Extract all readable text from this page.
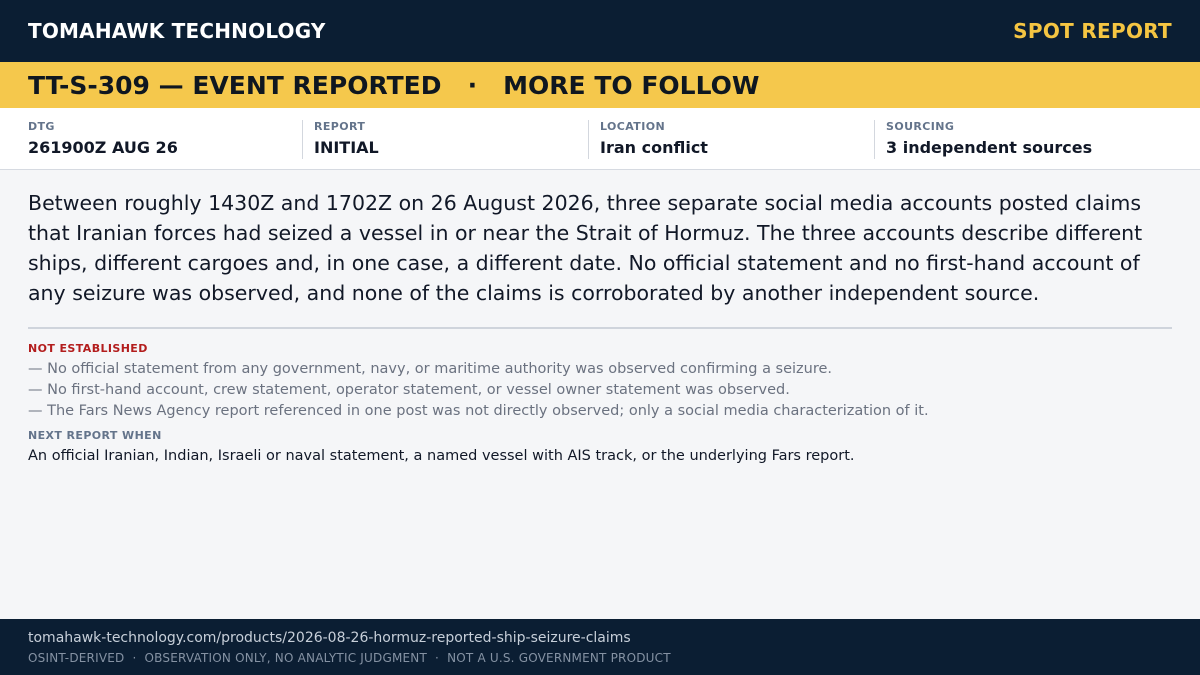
TOMAHAWK TECHNOLOGY	SPOT REPORT
TT-S-309 — EVENT REPORTED   ·   MORE TO FOLLOW
DTG
261900Z AUG 26
REPORT
INITIAL
LOCATION
Iran conflict
SOURCING
3 independent sources
Between roughly 1430Z and 1702Z on 26 August 2026, three separate social media accounts posted claims that Iranian forces had seized a vessel in or near the Strait of Hormuz. The three accounts describe different ships, different cargoes and, in one case, a different date. No official statement and no first-hand account of any seizure was observed, and none of the claims is corroborated by another independent source.
NOT ESTABLISHED
— No official statement from any government, navy, or maritime authority was observed confirming a seizure.
— No first-hand account, crew statement, operator statement, or vessel owner statement was observed.
— The Fars News Agency report referenced in one post was not directly observed; only a social media characterization of it.
NEXT REPORT WHEN
An official Iranian, Indian, Israeli or naval statement, a named vessel with AIS track, or the underlying Fars report.
tomahawk-technology.com/products/2026-08-26-hormuz-reported-ship-seizure-claims
OSINT-DERIVED  ·  OBSERVATION ONLY, NO ANALYTIC JUDGMENT  ·  NOT A U.S. GOVERNMENT PRODUCT
